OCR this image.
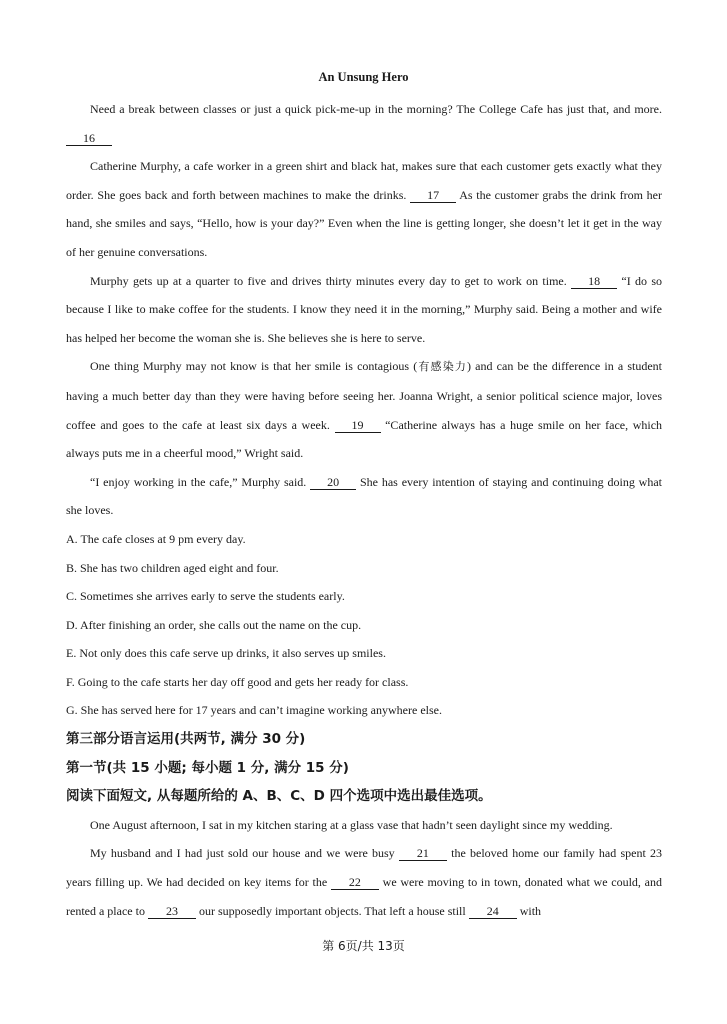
An Unsung Hero

Need a break between classes or just a quick pick-me-up in the morning? The College Cafe has just that, and more. 16

Catherine Murphy, a cafe worker in a green shirt and black hat, makes sure that each customer gets exactly what they order. She goes back and forth between machines to make the drinks. 17 As the customer grabs the drink from her hand, she smiles and says, “Hello, how is your day?” Even when the line is getting longer, she doesn’t let it get in the way of her genuine conversations.

Murphy gets up at a quarter to five and drives thirty minutes every day to get to work on time. 18 “I do so because I like to make coffee for the students. I know they need it in the morning,” Murphy said. Being a mother and wife has helped her become the woman she is. She believes she is here to serve.

One thing Murphy may not know is that her smile is contagious (有感染力) and can be the difference in a student having a much better day than they were having before seeing her. Joanna Wright, a senior political science major, loves coffee and goes to the cafe at least six days a week. 19 “Catherine always has a huge smile on her face, which always puts me in a cheerful mood,” Wright said.

“I enjoy working in the cafe,” Murphy said. 20 She has every intention of staying and continuing doing what she loves.

A. The cafe closes at 9 pm every day.

B. She has two children aged eight and four.

C. Sometimes she arrives early to serve the students early.

D. After finishing an order, she calls out the name on the cup.

E. Not only does this cafe serve up drinks, it also serves up smiles.

F. Going to the cafe starts her day off good and gets her ready for class.

G. She has served here for 17 years and can’t imagine working anywhere else.

第三部分语言运用(共两节, 满分 30 分)

第一节(共 15 小题; 每小题 1 分, 满分 15 分)

阅读下面短文, 从每题所给的 A、B、C、D 四个选项中选出最佳选项。

One August afternoon, I sat in my kitchen staring at a glass vase that hadn’t seen daylight since my wedding.

My husband and I had just sold our house and we were busy 21 the beloved home our family had spent 23 years filling up. We had decided on key items for the 22 we were moving to in town, donated what we could, and rented a place to 23 our supposedly important objects. That left a house still 24 with

第 6页/共 13页
